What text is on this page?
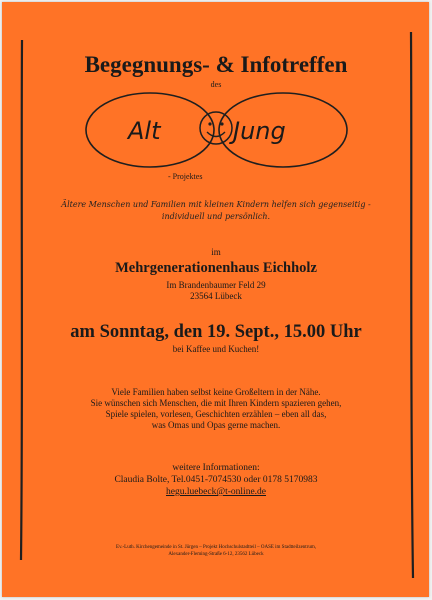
Begegnungs- & Infotreffen
des
Alt	Jung
- Projektes
Ältere Menschen und Familien mit kleinen Kindern helfen sich gegenseitig -
individuell und persönlich.
im
Mehrgenerationenhaus Eichholz
Im Brandenbaumer Feld 29
23564 Lübeck
am Sonntag, den 19. Sept., 15.00 Uhr
bei Kaffee und Kuchen!
Viele Familien haben selbst keine Großeltern in der Nähe.
Sie wünschen sich Menschen, die mit Ihren Kindern spazieren gehen,
Spiele spielen, vorlesen, Geschichten erzählen – eben all das,
was Omas und Opas gerne machen.
weitere Informationen:
Claudia Bolte, Tel.0451-7074530 oder 0178 5170983
hegu.luebeck@t-online.de
Ev.-Luth. Kirchengemeinde in St. Jürgen – Projekt Hochschulstadtteil – OASE im Stadtteilzentrum,
Alexander-Fleming-Straße 6-12, 23562 Lübeck
